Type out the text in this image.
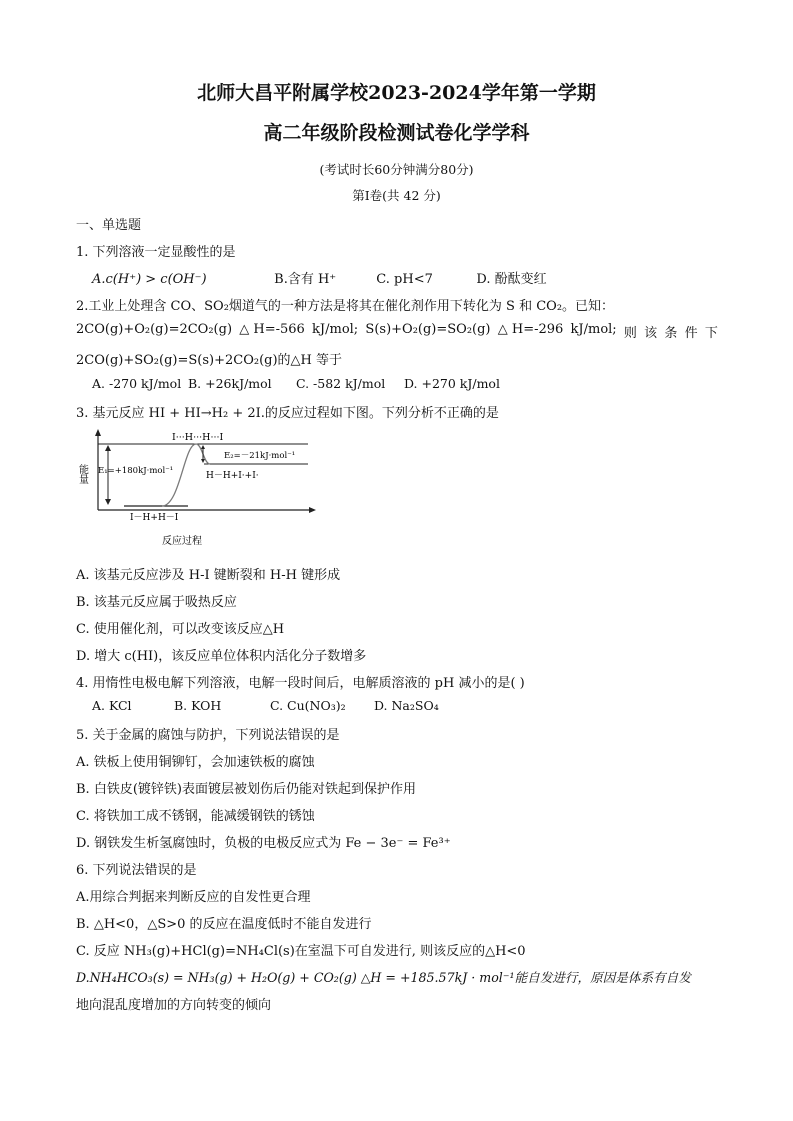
北师大昌平附属学校2023-2024学年第一学期
高二年级阶段检测试卷化学学科
(考试时长60分钟满分80分)
第Ⅰ卷(共 42 分)
一、单选题
1. 下列溶液一定显酸性的是
A.c(H⁺) > c(OH⁻)	B.含有 H⁺	C. pH<7	D. 酚酞变红
2.工业上处理含 CO、SO₂烟道气的一种方法是将其在催化剂作用下转化为 S 和 CO₂。已知：
2CO(g)+O₂(g)=2CO₂(g) △ H=-566 kJ/mol; S(s)+O₂(g)=SO₂(g) △ H=-296 kJ/mol; 则 该 条 件 下
2CO(g)+SO₂(g)=S(s)+2CO₂(g)的△H 等于
A. -270 kJ/mol B. +26kJ/mol C. -582 kJ/mol D. +270 kJ/mol
3. 基元反应 HI + HI→H₂ + 2I.的反应过程如下图。下列分析不正确的是
I···H···H···I
E₁=+180kJ·mol⁻¹
E₂=－21kJ·mol⁻¹
H－H+I·+I·
I－H+H－I
能量
反应过程
A. 该基元反应涉及 H-I 键断裂和 H-H 键形成
B. 该基元反应属于吸热反应
C. 使用催化剂，可以改变该反应△H
D. 增大 c(HI)，该反应单位体积内活化分子数增多
4. 用惰性电极电解下列溶液，电解一段时间后，电解质溶液的 pH 减小的是( )
A. KCl	B. KOH	C. Cu(NO₃)₂ D. Na₂SO₄
5. 关于金属的腐蚀与防护，下列说法错误的是
A. 铁板上使用铜铆钉，会加速铁板的腐蚀
B. 白铁皮(镀锌铁)表面镀层被划伤后仍能对铁起到保护作用
C. 将铁加工成不锈钢，能减缓钢铁的锈蚀
D. 钢铁发生析氢腐蚀时，负极的电极反应式为 Fe − 3e⁻ = Fe³⁺
6. 下列说法错误的是
A.用综合判据来判断反应的自发性更合理
B. △H<0，△S>0 的反应在温度低时不能自发进行
C. 反应 NH₃(g)+HCl(g)=NH₄Cl(s)在室温下可自发进行, 则该反应的△H<0
D.NH₄HCO₃(s) = NH₃(g) + H₂O(g) + CO₂(g) △H = +185.57kJ · mol⁻¹能自发进行，原因是体系有自发
地向混乱度增加的方向转变的倾向
